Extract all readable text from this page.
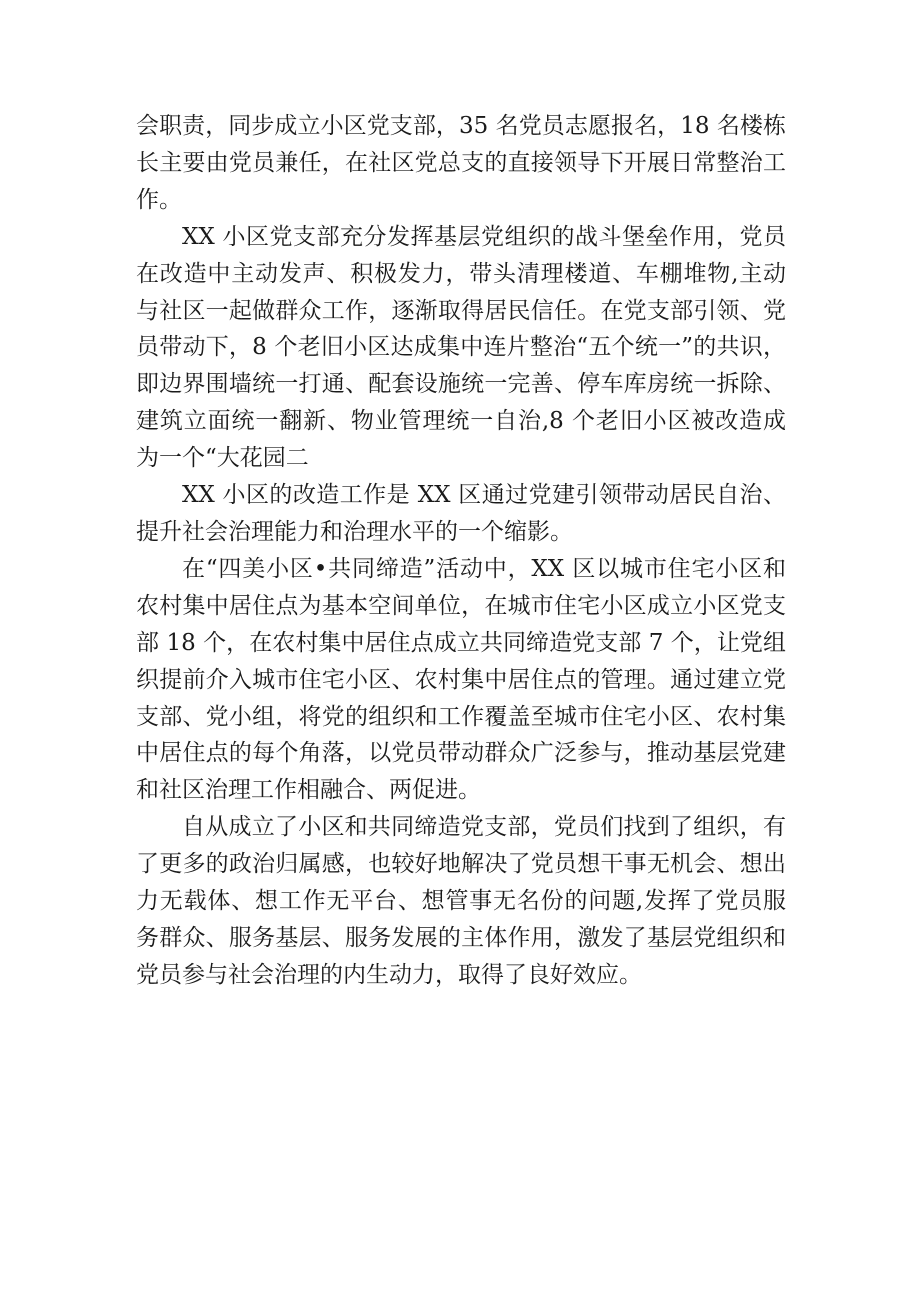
会职责，同步成立小区党支部，35 名党员志愿报名，18 名楼栋长主要由党员兼任，在社区党总支的直接领导下开展日常整治工作。

XX 小区党支部充分发挥基层党组织的战斗堡垒作用，党员在改造中主动发声、积极发力，带头清理楼道、车棚堆物,主动与社区一起做群众工作，逐渐取得居民信任。在党支部引领、党员带动下，8 个老旧小区达成集中连片整治“五个统一”的共识，即边界围墙统一打通、配套设施统一完善、停车库房统一拆除、建筑立面统一翻新、物业管理统一自治,8 个老旧小区被改造成为一个“大花园二

XX 小区的改造工作是 XX 区通过党建引领带动居民自治、提升社会治理能力和治理水平的一个缩影。

在“四美小区•共同缔造”活动中，XX 区以城市住宅小区和农村集中居住点为基本空间单位，在城市住宅小区成立小区党支部 18 个，在农村集中居住点成立共同缔造党支部 7 个，让党组织提前介入城市住宅小区、农村集中居住点的管理。通过建立党支部、党小组，将党的组织和工作覆盖至城市住宅小区、农村集中居住点的每个角落，以党员带动群众广泛参与，推动基层党建和社区治理工作相融合、两促进。

自从成立了小区和共同缔造党支部，党员们找到了组织，有了更多的政治归属感，也较好地解决了党员想干事无机会、想出力无载体、想工作无平台、想管事无名份的问题,发挥了党员服务群众、服务基层、服务发展的主体作用，激发了基层党组织和党员参与社会治理的内生动力，取得了良好效应。
